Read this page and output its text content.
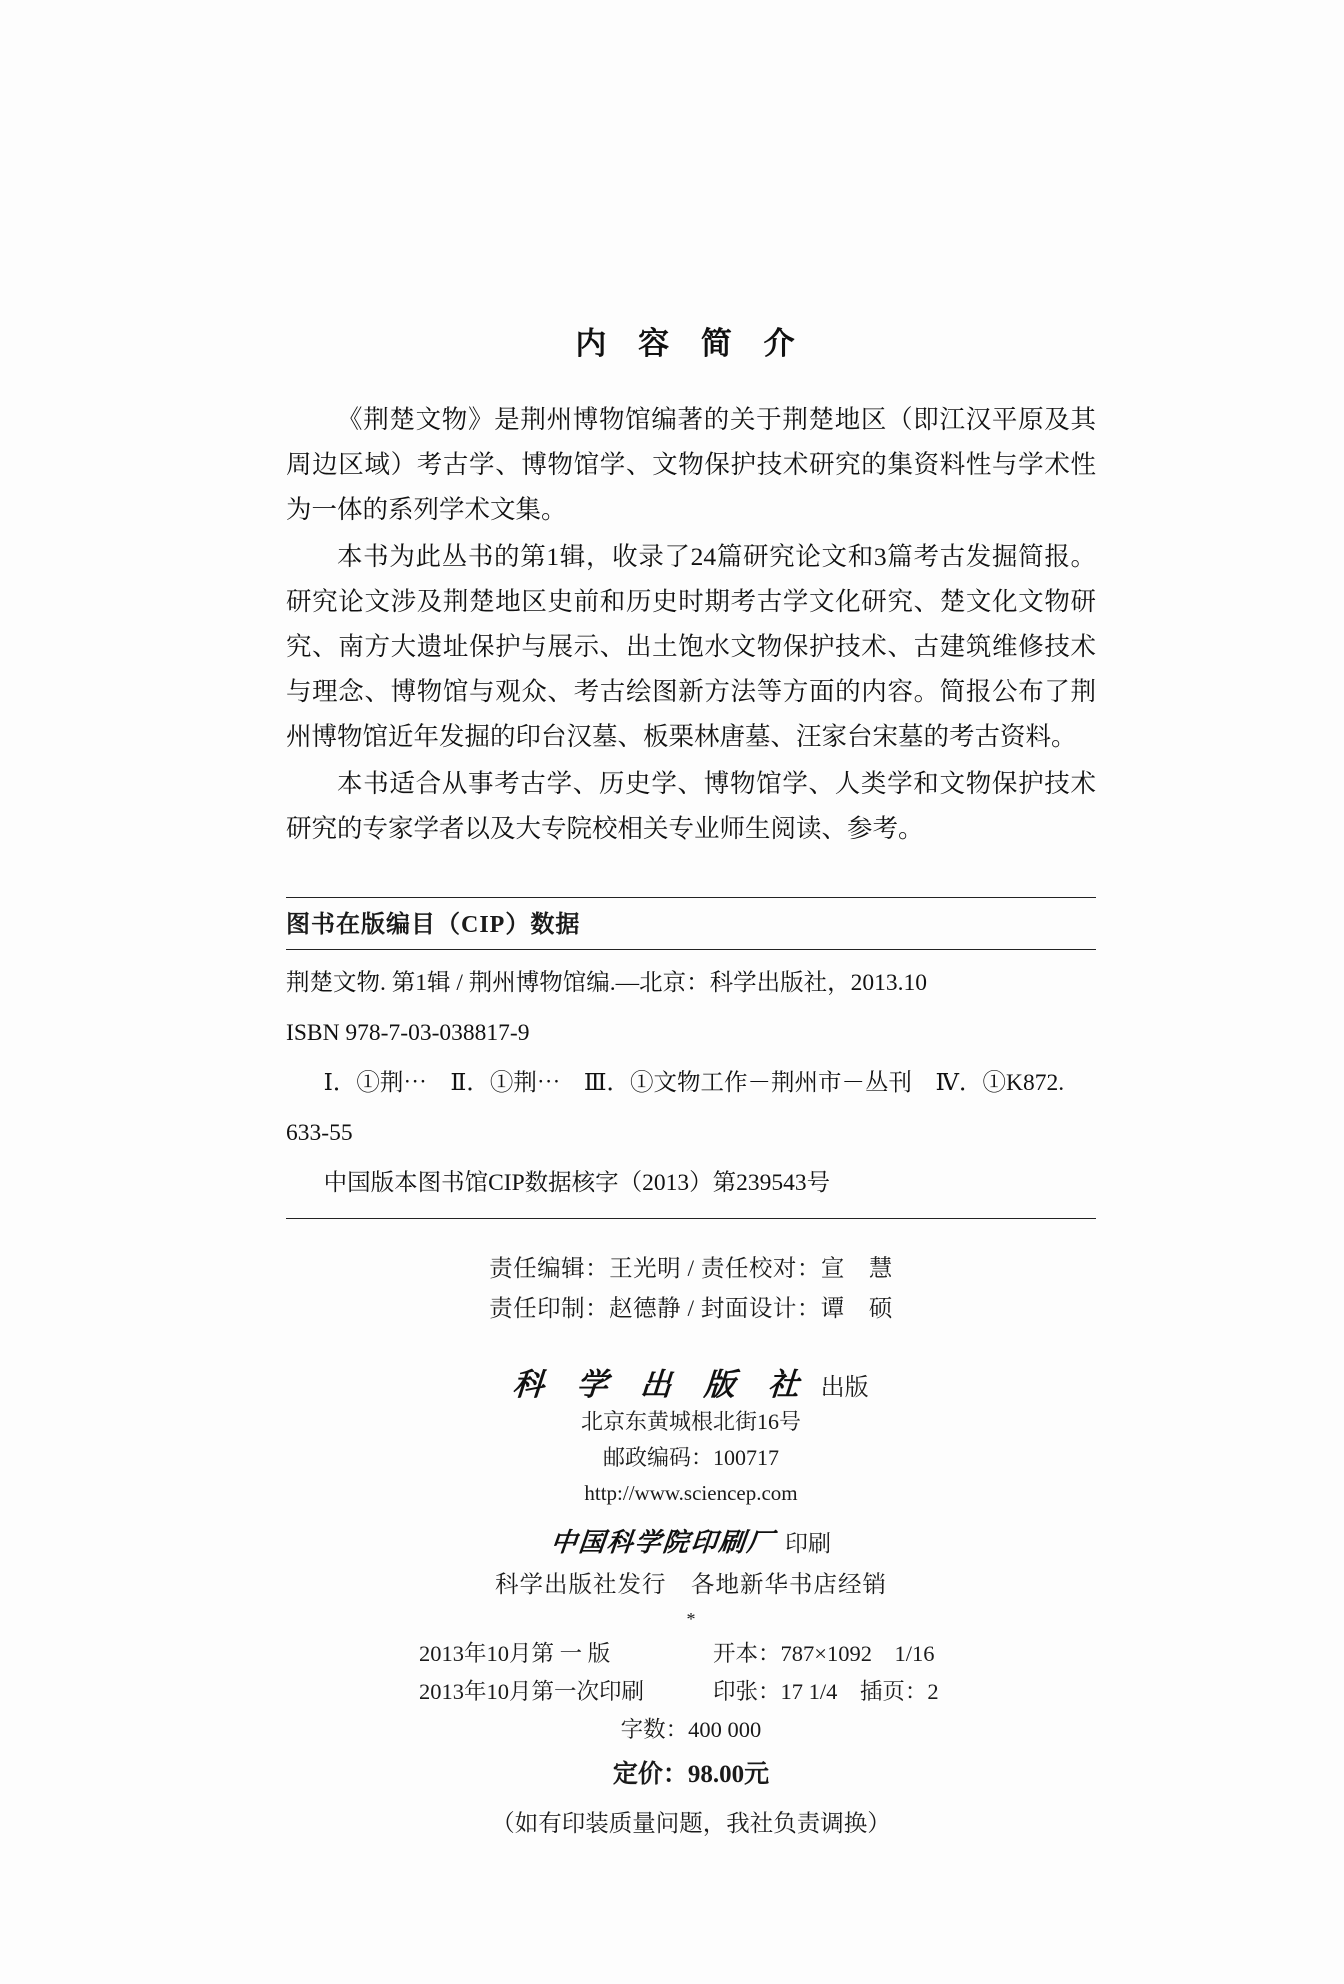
内 容 简 介

《荆楚文物》是荆州博物馆编著的关于荆楚地区（即江汉平原及其周边区域）考古学、博物馆学、文物保护技术研究的集资料性与学术性为一体的系列学术文集。

本书为此丛书的第1辑，收录了24篇研究论文和3篇考古发掘简报。研究论文涉及荆楚地区史前和历史时期考古学文化研究、楚文化文物研究、南方大遗址保护与展示、出土饱水文物保护技术、古建筑维修技术与理念、博物馆与观众、考古绘图新方法等方面的内容。简报公布了荆州博物馆近年发掘的印台汉墓、板栗林唐墓、汪家台宋墓的考古资料。

本书适合从事考古学、历史学、博物馆学、人类学和文物保护技术研究的专家学者以及大专院校相关专业师生阅读、参考。

图书在版编目（CIP）数据

荆楚文物. 第1辑 / 荆州博物馆编.—北京：科学出版社，2013.10

ISBN 978-7-03-038817-9

Ⅰ．①荆⋯　Ⅱ．①荆⋯　Ⅲ．①文物工作－荆州市－丛刊　Ⅳ．①K872.

633-55

中国版本图书馆CIP数据核字（2013）第239543号

责任编辑：王光明 / 责任校对：宣　慧
责任印制：赵德静 / 封面设计：谭　硕
科 学 出 版 社 出版
北京东黄城根北街16号
邮政编码：100717
http://www.sciencep.com
中国科学院印刷厂 印刷
科学出版社发行　各地新华书店经销
*
2013年10月第 一 版	开本：787×1092　1/16
2013年10月第一次印刷	印张：17 1/4　插页：2
字数：400 000
定价：98.00元
（如有印装质量问题，我社负责调换）
